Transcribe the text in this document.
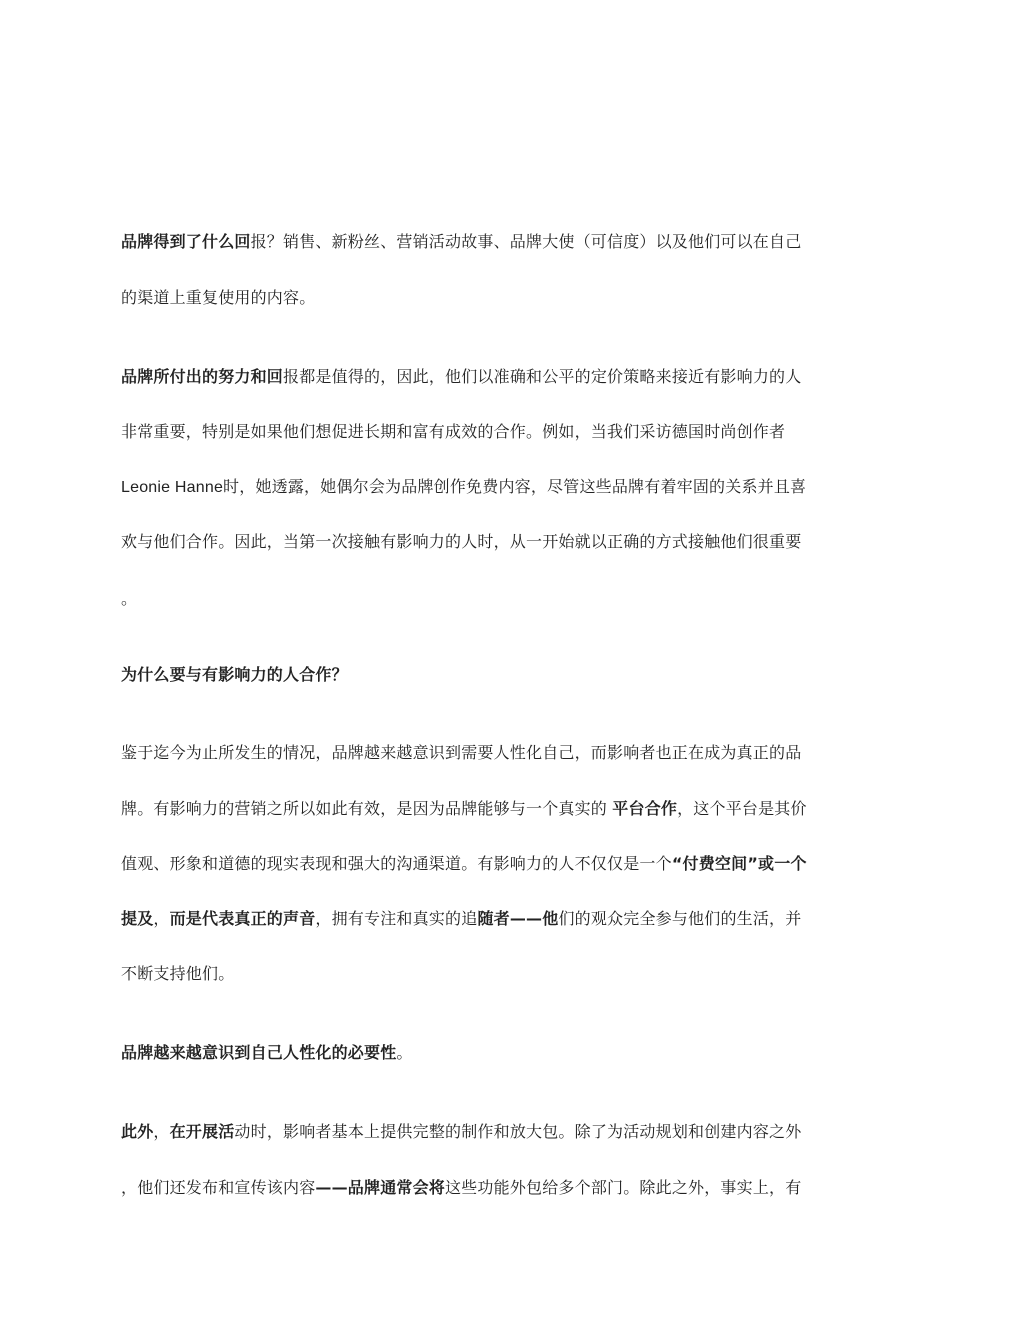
品牌得到了什么回报？销售、新粉丝、营销活动故事、品牌大使（可信度）以及他们可以在自己
的渠道上重复使用的内容。
品牌所付出的努力和回报都是值得的，因此，他们以准确和公平的定价策略来接近有影响力的人
非常重要，特别是如果他们想促进长期和富有成效的合作。例如，当我们采访德国时尚创作者
Leonie Hanne时，她透露，她偶尔会为品牌创作免费内容，尽管这些品牌有着牢固的关系并且喜
欢与他们合作。因此，当第一次接触有影响力的人时，从一开始就以正确的方式接触他们很重要
。
为什么要与有影响力的人合作？
鉴于迄今为止所发生的情况，品牌越来越意识到需要人性化自己，而影响者也正在成为真正的品
牌。有影响力的营销之所以如此有效，是因为品牌能够与一个真实的 平台合作，这个平台是其价
值观、形象和道德的现实表现和强大的沟通渠道。有影响力的人不仅仅是一个“付费空间”或一个
提及，而是代表真正的声音，拥有专注和真实的追随者——他们的观众完全参与他们的生活，并
不断支持他们。
品牌越来越意识到自己人性化的必要性。
此外，在开展活动时，影响者基本上提供完整的制作和放大包。除了为活动规划和创建内容之外
，他们还发布和宣传该内容——品牌通常会将这些功能外包给多个部门。除此之外，事实上，有
